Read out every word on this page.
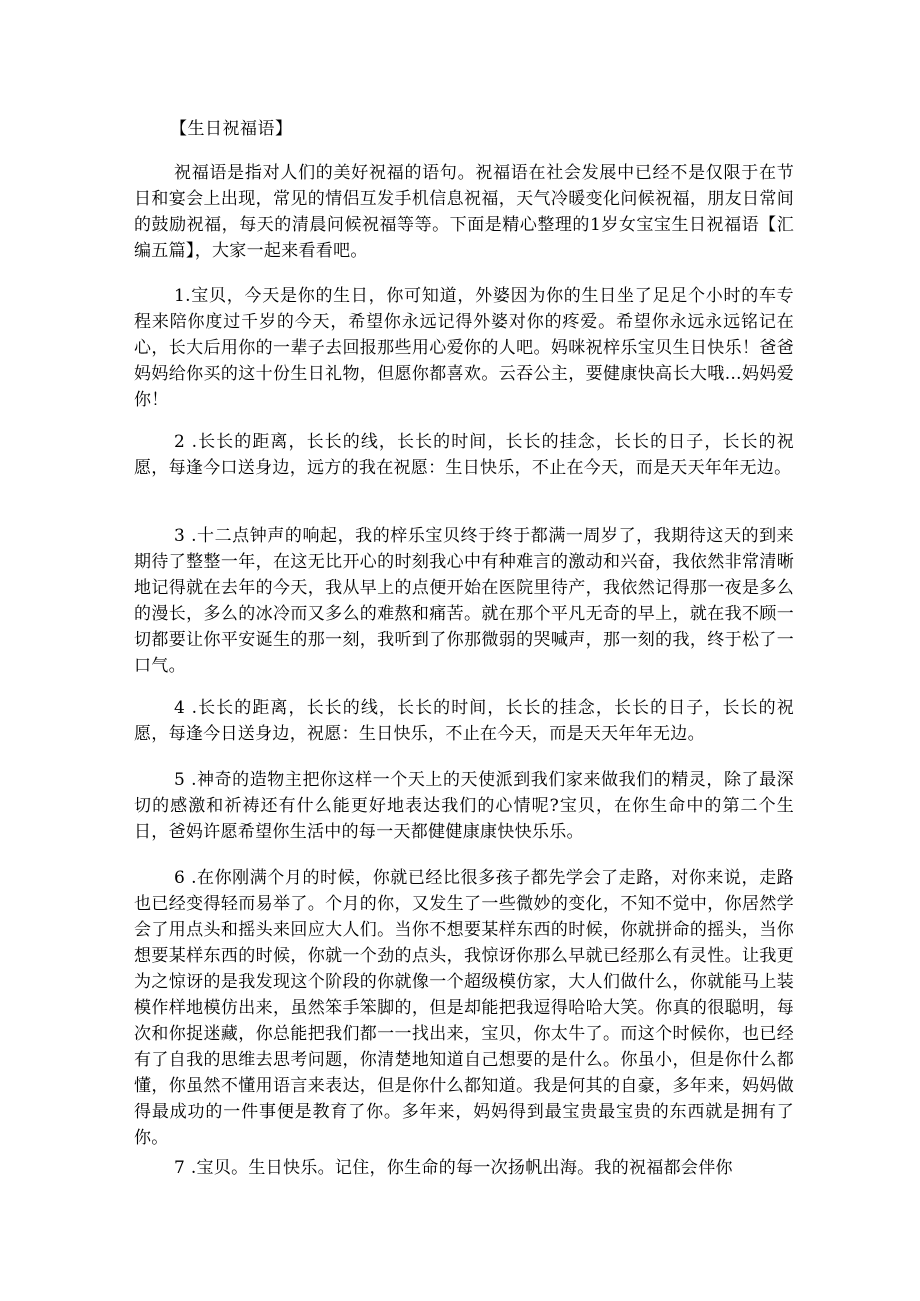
【生日祝福语】

祝福语是指对人们的美好祝福的语句。祝福语在社会发展中已经不是仅限于在节日和宴会上出现，常见的情侣互发手机信息祝福，天气冷暖变化问候祝福，朋友日常间的鼓励祝福，每天的清晨问候祝福等等。下面是精心整理的1岁女宝宝生日祝福语【汇编五篇】，大家一起来看看吧。

1.宝贝，今天是你的生日，你可知道，外婆因为你的生日坐了足足个小时的车专程来陪你度过千岁的今天，希望你永远记得外婆对你的疼爱。希望你永远永远铭记在心，长大后用你的一辈子去回报那些用心爱你的人吧。妈咪祝梓乐宝贝生日快乐！爸爸妈妈给你买的这十份生日礼物，但愿你都喜欢。云吞公主，要健康快高长大哦…妈妈爱你！

2 .长长的距离，长长的线，长长的时间，长长的挂念，长长的日子，长长的祝愿，每逢今口送身边，远方的我在祝愿：生日快乐，不止在今天，而是天天年年无边。

3 .十二点钟声的响起，我的梓乐宝贝终于终于都满一周岁了，我期待这天的到来期待了整整一年，在这无比开心的时刻我心中有种难言的激动和兴奋，我依然非常清晰地记得就在去年的今天，我从早上的点便开始在医院里待产，我依然记得那一夜是多么的漫长，多么的冰冷而又多么的难熬和痛苦。就在那个平凡无奇的早上，就在我不顾一切都要让你平安诞生的那一刻，我听到了你那微弱的哭喊声，那一刻的我，终于松了一口气。

4 .长长的距离，长长的线，长长的时间，长长的挂念，长长的日子，长长的祝愿，每逢今日送身边，祝愿：生日快乐，不止在今天，而是天天年年无边。

5 .神奇的造物主把你这样一个天上的天使派到我们家来做我们的精灵，除了最深切的感激和祈祷还有什么能更好地表达我们的心情呢?宝贝，在你生命中的第二个生日，爸妈许愿希望你生活中的每一天都健健康康快快乐乐。

6 .在你刚满个月的时候，你就已经比很多孩子都先学会了走路，对你来说，走路也已经变得轻而易举了。个月的你，又发生了一些微妙的变化，不知不觉中，你居然学会了用点头和摇头来回应大人们。当你不想要某样东西的时候，你就拼命的摇头，当你想要某样东西的时候，你就一个劲的点头，我惊讶你那么早就已经那么有灵性。让我更为之惊讶的是我发现这个阶段的你就像一个超级模仿家，大人们做什么，你就能马上装模作样地模仿出来，虽然笨手笨脚的，但是却能把我逗得哈哈大笑。你真的很聪明，每次和你捉迷藏，你总能把我们都一一找出来，宝贝，你太牛了。而这个时候你，也已经有了自我的思维去思考问题，你清楚地知道自己想要的是什么。你虽小，但是你什么都懂，你虽然不懂用语言来表达，但是你什么都知道。我是何其的自豪，多年来，妈妈做得最成功的一件事便是教育了你。多年来，妈妈得到最宝贵最宝贵的东西就是拥有了你。

7 .宝贝。生日快乐。记住，你生命的每一次扬帆出海。我的祝福都会伴你
